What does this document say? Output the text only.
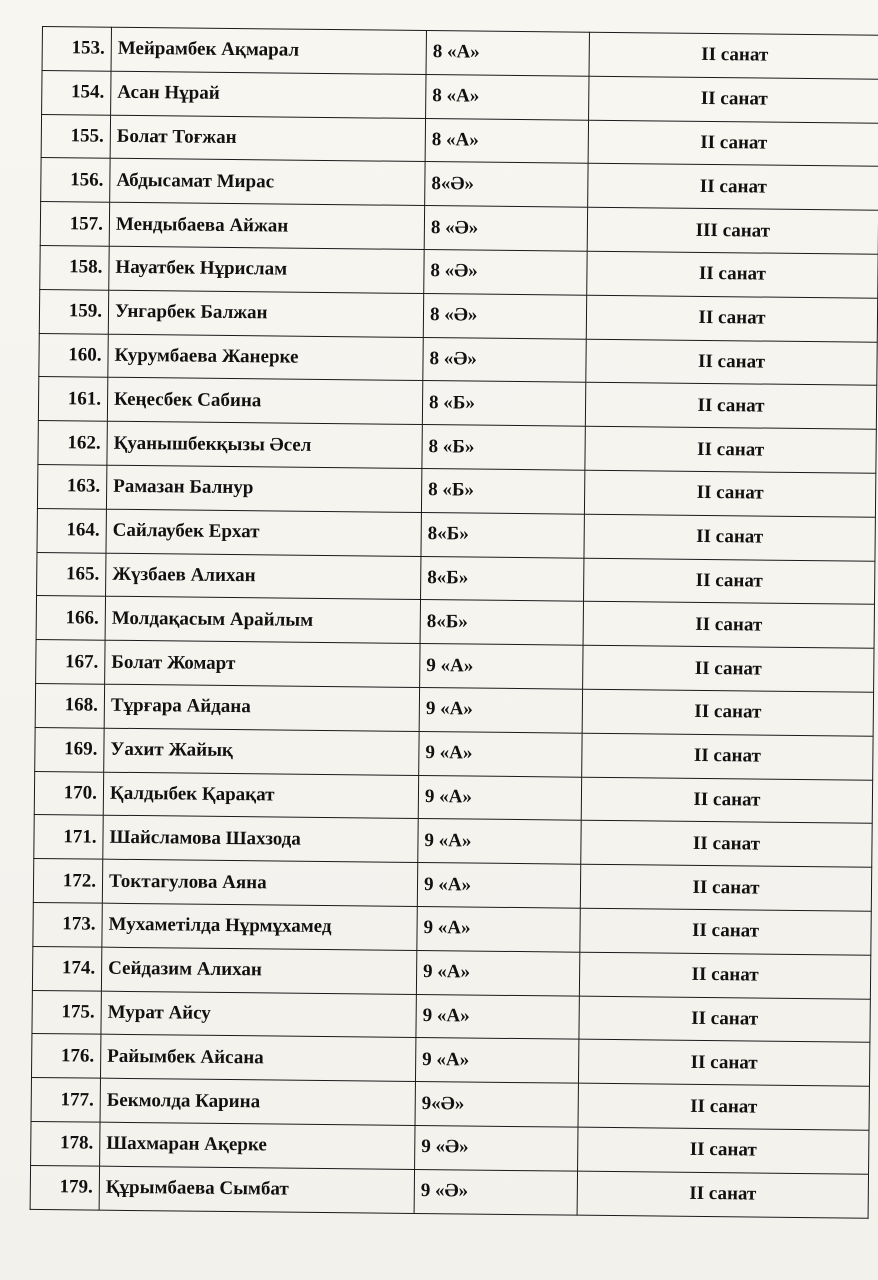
153.	Мейрамбек Ақмарал	8 «А»	II санат
154.	Асан Нұрай	8 «А»	II санат
155.	Болат Тоғжан	8 «А»	II санат
156.	Абдысамат Мирас	8«Ә»	II санат
157.	Мендыбаева Айжан	8 «Ә»	III санат
158.	Науатбек Нұрислам	8 «Ә»	II санат
159.	Унгарбек Балжан	8 «Ә»	II санат
160.	Курумбаева Жанерке	8 «Ә»	II санат
161.	Кеңесбек Сабина	8 «Б»	II санат
162.	Қуанышбекқызы Әсел	8 «Б»	II санат
163.	Рамазан Балнур	8 «Б»	II санат
164.	Сайлаубек Ерхат	8«Б»	II санат
165.	Жүзбаев Алихан	8«Б»	II санат
166.	Молдақасым Арайлым	8«Б»	II санат
167.	Болат Жомарт	9 «А»	II санат
168.	Тұрғара Айдана	9 «А»	II санат
169.	Уахит Жайық	9 «А»	II санат
170.	Қалдыбек Қарақат	9 «А»	II санат
171.	Шайсламова Шахзода	9 «А»	II санат
172.	Токтагулова Аяна	9 «А»	II санат
173.	Мухаметілда Нұрмұхамед	9 «А»	II санат
174.	Сейдазим Алихан	9 «А»	II санат
175.	Мурат Айсу	9 «А»	II санат
176.	Райымбек Айсана	9 «А»	II санат
177.	Бекмолда Карина	9«Ә»	II санат
178.	Шахмаран Ақерке	9 «Ә»	II санат
179.	Құрымбаева Сымбат	9 «Ә»	II санат
